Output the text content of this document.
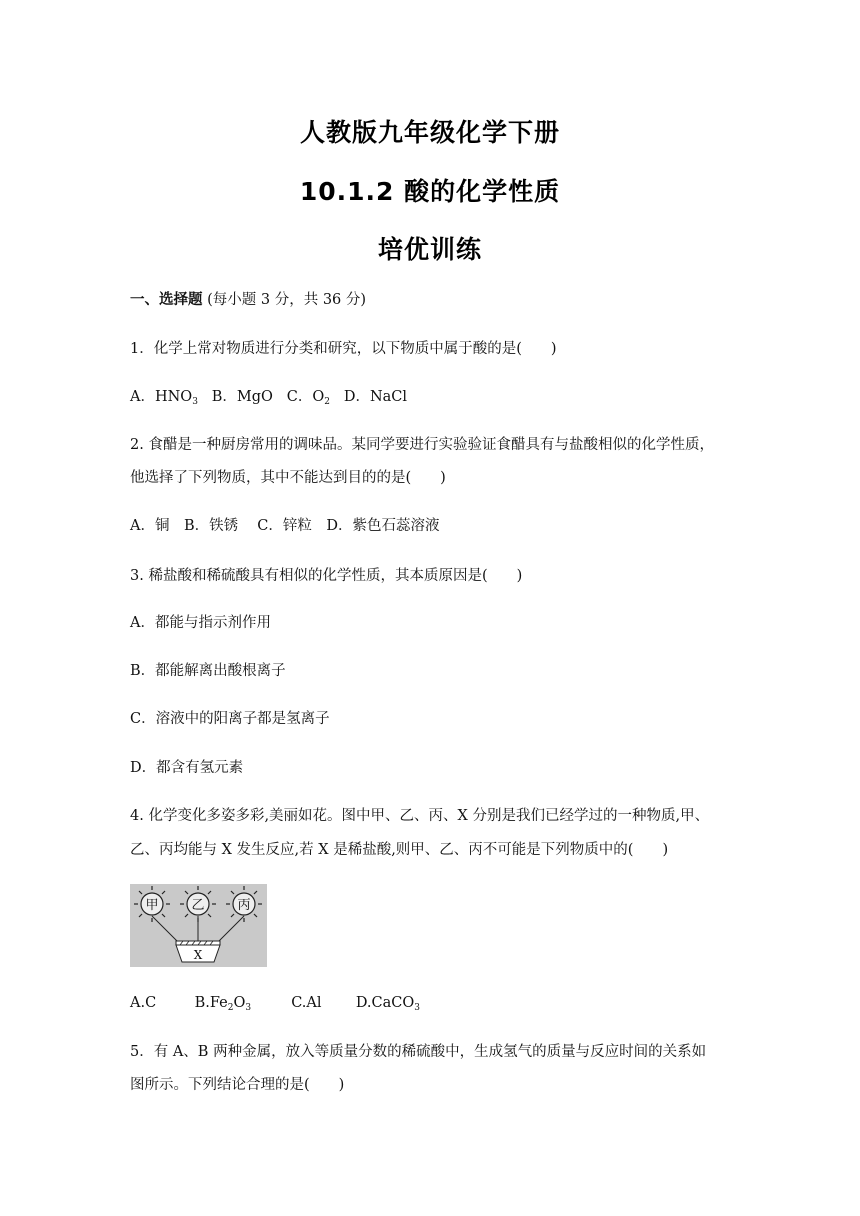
人教版九年级化学下册
10.1.2 酸的化学性质
培优训练
一、选择题 (每小题 3 分，共 36 分)
1．化学上常对物质进行分类和研究，以下物质中属于酸的是(　　)
A．$HNO_3$ B．MgO C．$O_2$ D．NaCl
2. 食醋是一种厨房常用的调味品。某同学要进行实验验证食醋具有与盐酸相似的化学性质，
他选择了下列物质，其中不能达到目的的是(　　)
A．铜　B．铁锈　 C．锌粒　D．紫色石蕊溶液
3. 稀盐酸和稀硫酸具有相似的化学性质，其本质原因是(　　)
A．都能与指示剂作用
B．都能解离出酸根离子
C．溶液中的阳离子都是氢离子
D．都含有氢元素
4. 化学变化多姿多彩,美丽如花。图中甲、乙、丙、X 分别是我们已经学过的一种物质,甲、
乙、丙均能与 X 发生反应,若 X 是稀盐酸,则甲、乙、丙不可能是下列物质中的(　　)
甲	乙	丙
X
A.C	$B.Fe_2O_3$	C.Al D.CaCO$_3$
5．有 A、B 两种金属，放入等质量分数的稀硫酸中，生成氢气的质量与反应时间的关系如
图所示。下列结论合理的是(　　)
